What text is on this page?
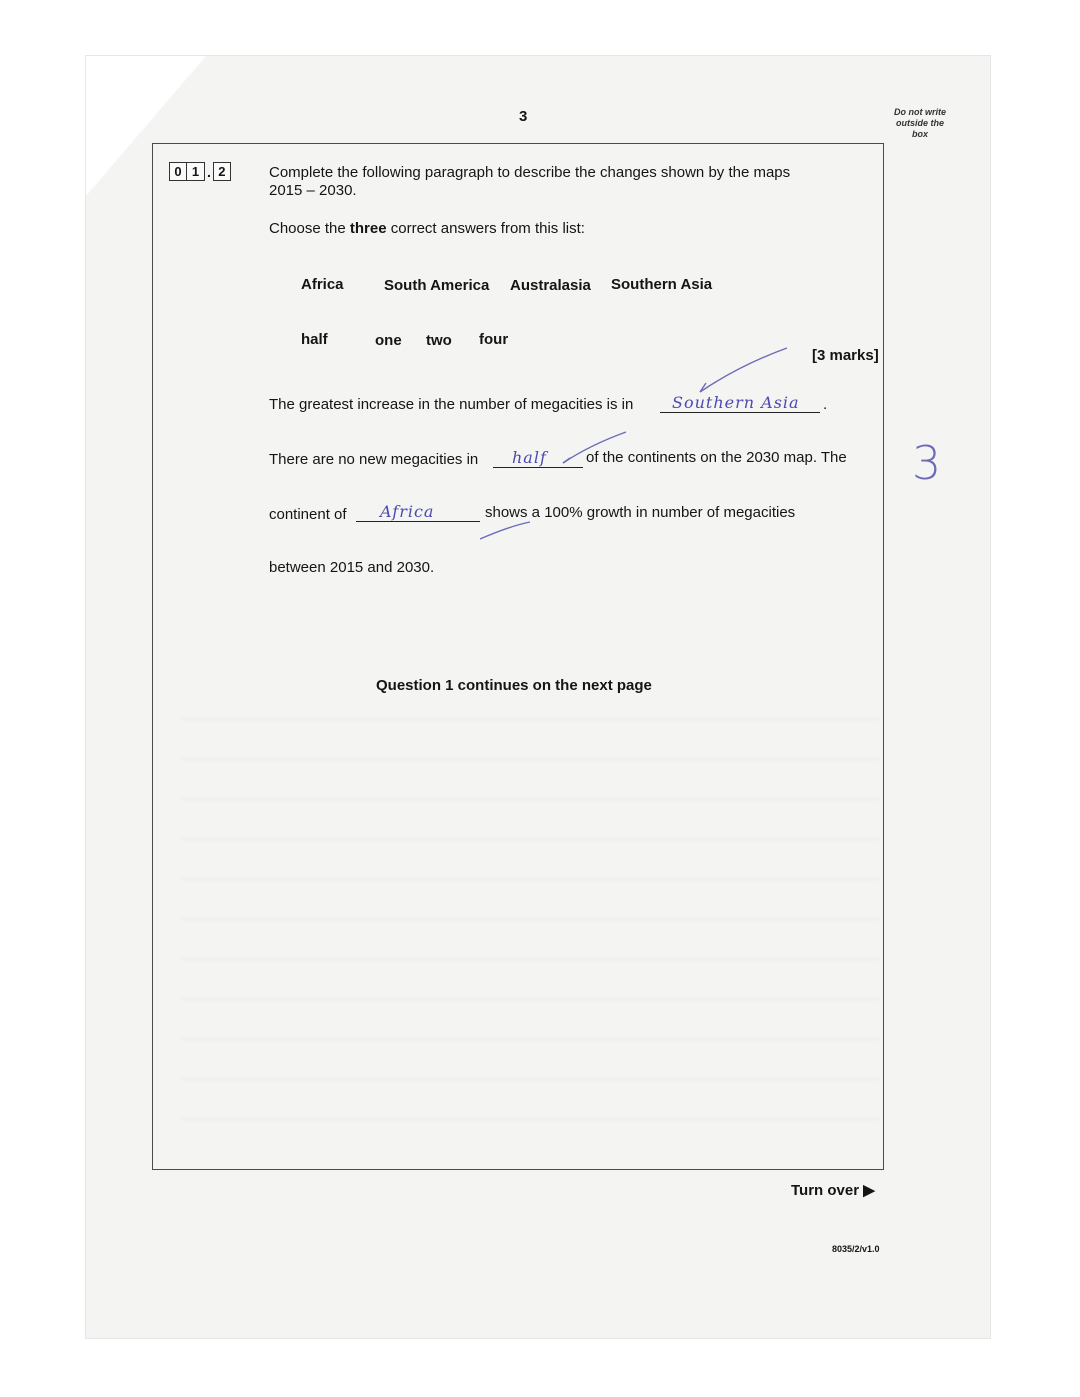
3	Do not write outside the box
0 1 . 2	Complete the following paragraph to describe the changes shown by the maps
2015 – 2030.
Choose the three correct answers from this list:
Africa	South America Australasia Southern Asia
half	one two four
[3 marks]
The greatest increase in the number of megacities is in Southern Asia .
There are no new megacities in half	of the continents on the 2030 map. The
continent of Africa	shows a 100% growth in number of megacities
between 2015 and 2030.
Question 1 continues on the next page
3
Turn over ▶
8035/2/v1.0
